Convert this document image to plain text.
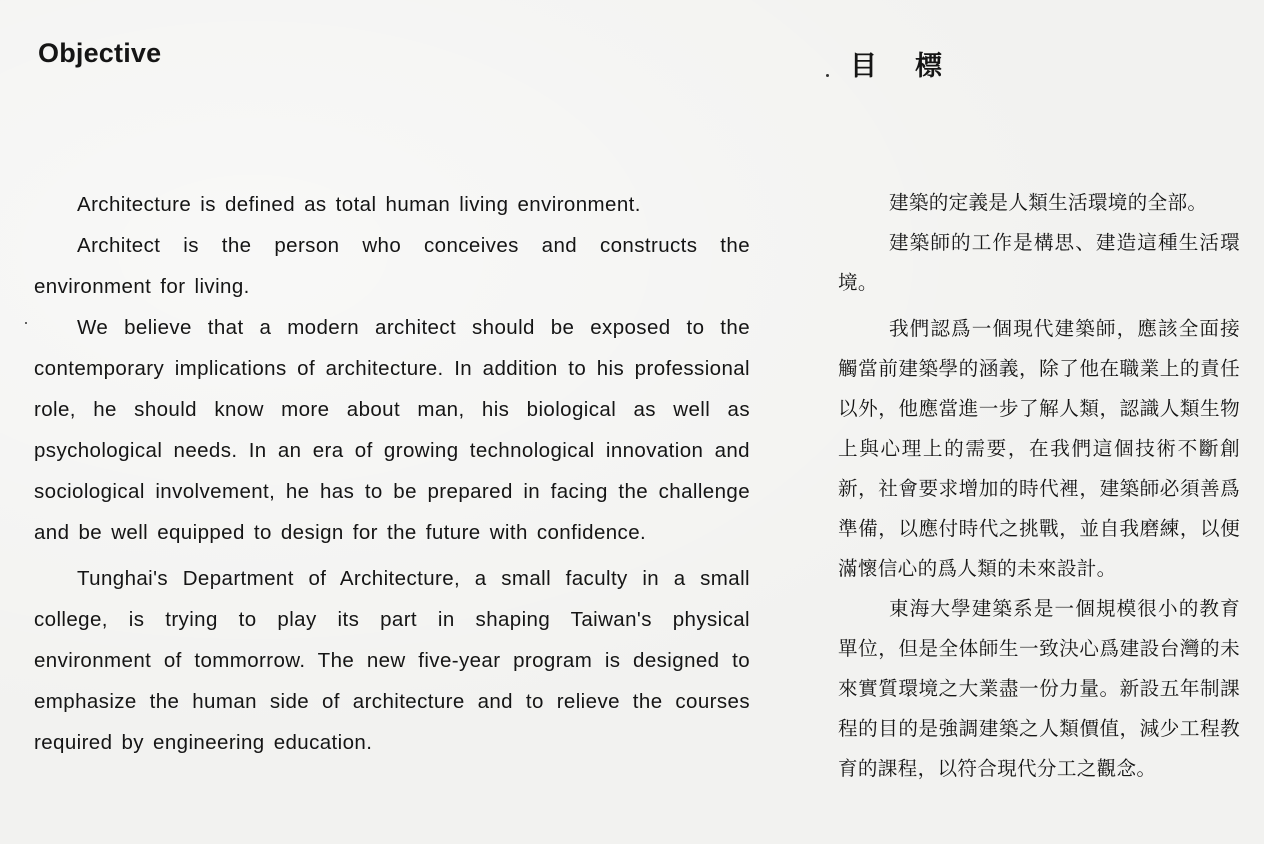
Objective	目標

Architecture is defined as total human living environment.

Architect is the person who conceives and constructs the environment for living.

We believe that a modern architect should be exposed to the contemporary implications of architecture. In addition to his professional role, he should know more about man, his biological as well as psychological needs. In an era of growing technological innovation and sociological involvement, he has to be prepared in facing the challenge and be well equipped to design for the future with confidence.

Tunghai's Department of Architecture, a small faculty in a small college, is trying to play its part in shaping Taiwan's physical environment of tommorrow. The new five-year program is designed to emphasize the human side of architecture and to relieve the courses required by engineering education.

建築的定義是人類生活環境的全部。

建築師的工作是構思、建造這種生活環境。

我們認爲一個現代建築師，應該全面接觸當前建築學的涵義，除了他在職業上的責任以外，他應當進一步了解人類，認識人類生物上與心理上的需要，在我們這個技術不斷創新，社會要求增加的時代裡，建築師必須善爲準備，以應付時代之挑戰，並自我磨練，以便滿懷信心的爲人類的未來設計。

東海大學建築系是一個規模很小的教育單位，但是全体師生一致決心爲建設台灣的未來實質環境之大業盡一份力量。新設五年制課程的目的是強調建築之人類價值，減少工程教育的課程，以符合現代分工之觀念。
